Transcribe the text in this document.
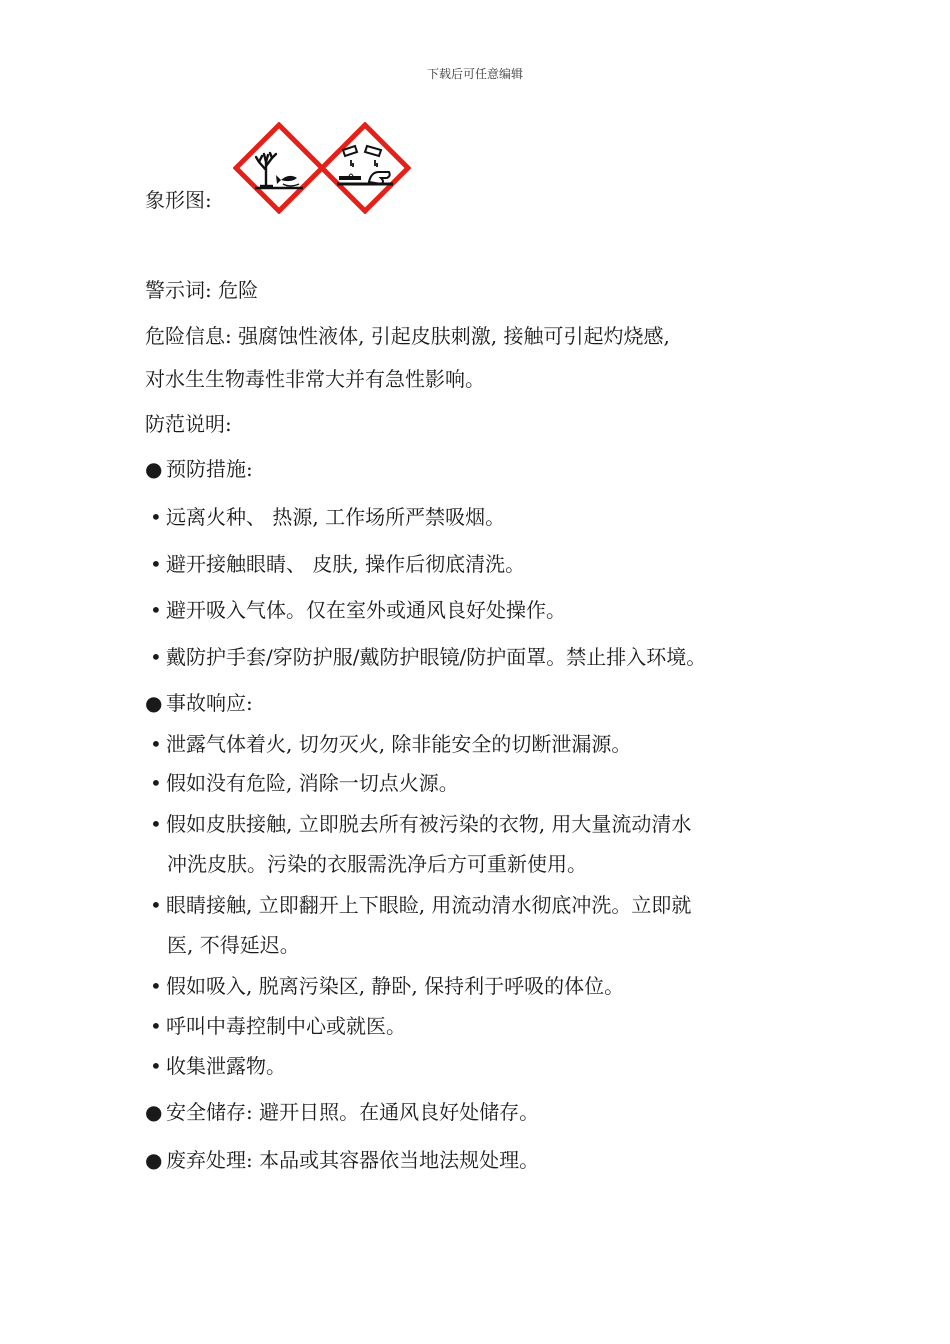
下载后可任意编辑
象形图:
警示词: 危险
危险信息: 强腐蚀性液体, 引起皮肤刺激, 接触可引起灼烧感,
对水生生物毒性非常大并有急性影响。
防范说明:
● 预防措施:
• 远离火种、 热源, 工作场所严禁吸烟。
• 避开接触眼睛、 皮肤, 操作后彻底清洗。
• 避开吸入气体。仅在室外或通风良好处操作。
• 戴防护手套/穿防护服/戴防护眼镜/防护面罩。禁止排入环境。
● 事故响应:
• 泄露气体着火, 切勿灭火, 除非能安全的切断泄漏源。
• 假如没有危险, 消除一切点火源。
• 假如皮肤接触, 立即脱去所有被污染的衣物, 用大量流动清水
冲洗皮肤。污染的衣服需洗净后方可重新使用。
• 眼睛接触, 立即翻开上下眼睑, 用流动清水彻底冲洗。立即就
医, 不得延迟。
• 假如吸入, 脱离污染区, 静卧, 保持利于呼吸的体位。
• 呼叫中毒控制中心或就医。
• 收集泄露物。
● 安全储存: 避开日照。在通风良好处储存。
● 废弃处理: 本品或其容器依当地法规处理。
